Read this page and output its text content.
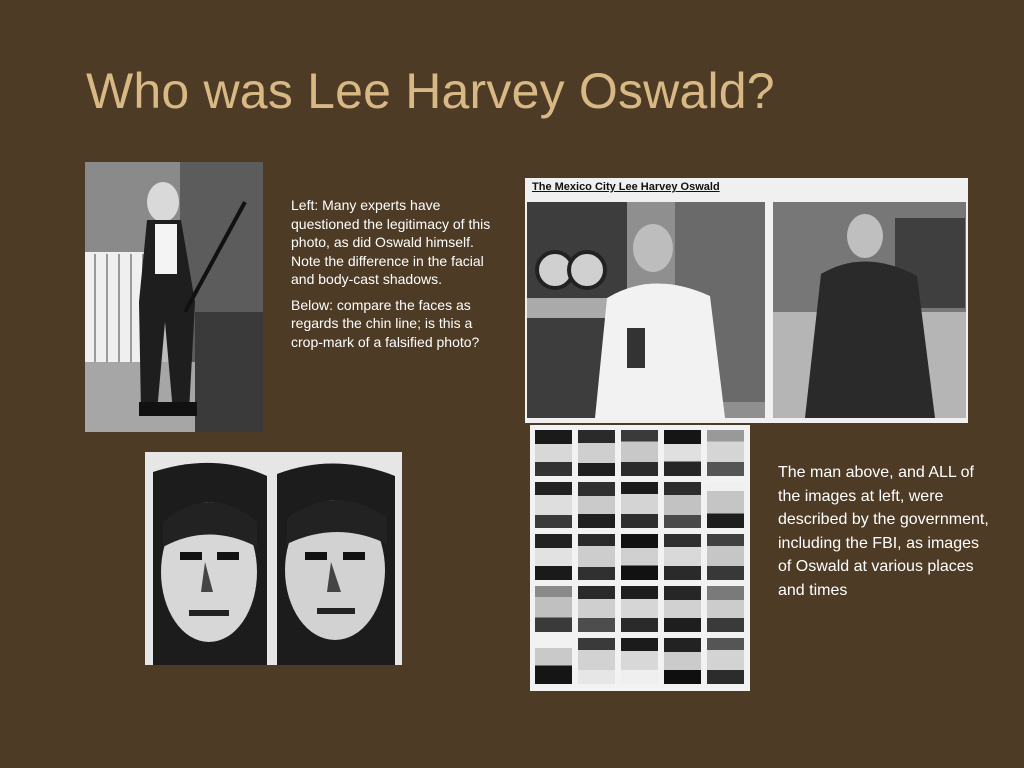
Who was Lee Harvey Oswald?

Left: Many experts have questioned the legitimacy of this photo, as did Oswald himself. Note the difference in the facial and body-cast shadows.

Below: compare the faces as regards the chin line; is this a crop-mark of a falsified photo?

The Mexico City Lee Harvey Oswald
The man above, and ALL of the images at left, were described by the government, including the FBI, as images of Oswald at various places and times
